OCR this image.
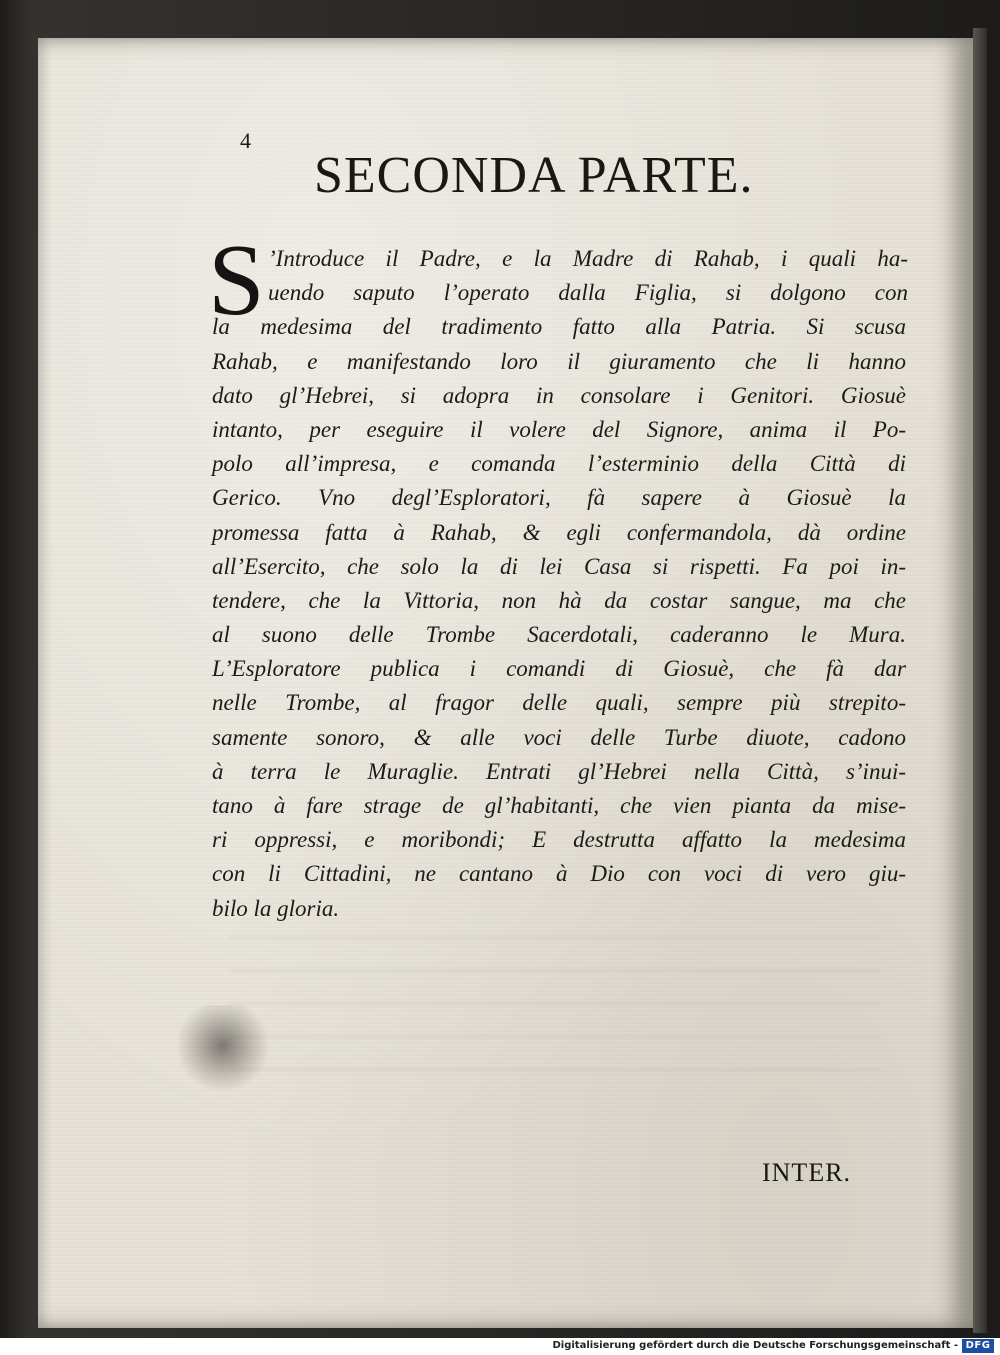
4
SECONDA PARTE.
S ’Introduce il Padre, e la Madre di Rahab, i quali ha-
uendo saputo l’operato dalla Figlia, si dolgono con
la medesima del tradimento fatto alla Patria. Si scusa
Rahab, e manifestando loro il giuramento che li hanno
dato gl’Hebrei, si adopra in consolare i Genitori. Giosuè
intanto, per eseguire il volere del Signore, anima il Po-
polo all’impresa, e comanda l’esterminio della Città di
Gerico. Vno degl’Esploratori, fà sapere à Giosuè la
promessa fatta à Rahab, & egli confermandola, dà ordine
all’Esercito, che solo la di lei Casa si rispetti. Fa poi in-
tendere, che la Vittoria, non hà da costar sangue, ma che
al suono delle Trombe Sacerdotali, caderanno le Mura.
L’Esploratore publica i comandi di Giosuè, che fà dar
nelle Trombe, al fragor delle quali, sempre più strepito-
samente sonoro, & alle voci delle Turbe diuote, cadono
à terra le Muraglie. Entrati gl’Hebrei nella Città, s’inui-
tano à fare strage de gl’habitanti, che vien pianta da mise-
ri oppressi, e moribondi; E destrutta affatto la medesima
con li Cittadini, ne cantano à Dio con voci di vero giu-
bilo la gloria.
INTER.
Digitalisierung gefördert durch die Deutsche Forschungsgemeinschaft - DFG
